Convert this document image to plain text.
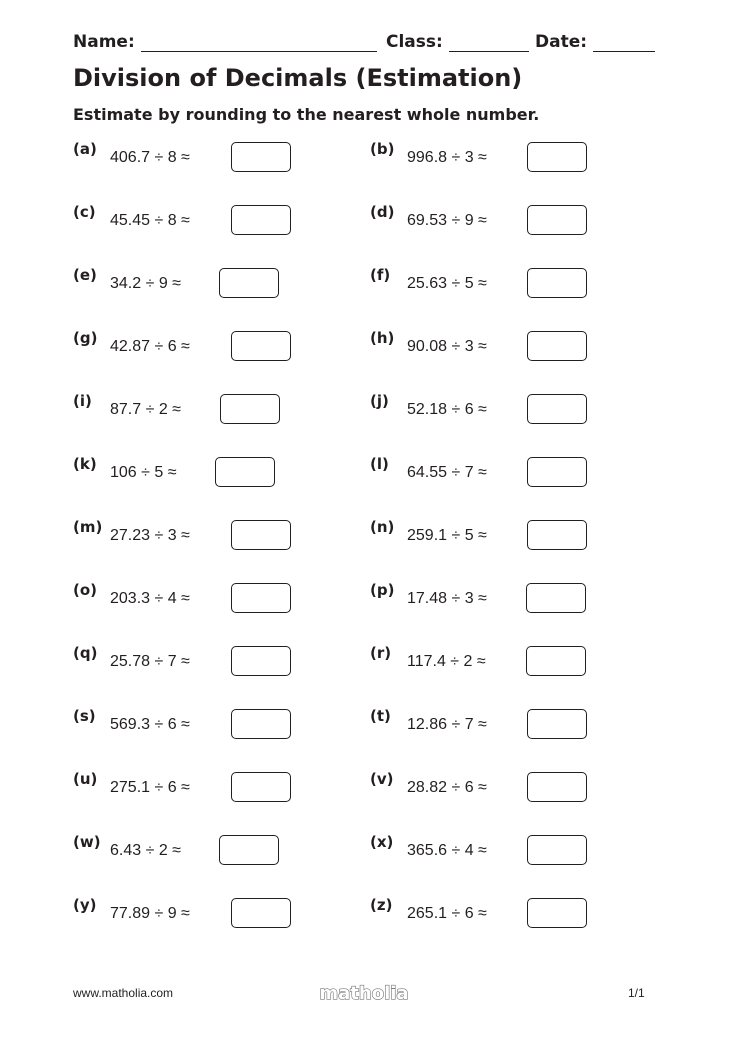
Name:	Class:	Date:
Division of Decimals (Estimation)
Estimate by rounding to the nearest whole number.
(a) 406.7 ÷ 8 ≈	(b) 996.8 ÷ 3 ≈
(c) 45.45 ÷ 8 ≈	(d) 69.53 ÷ 9 ≈
(e) 34.2 ÷ 9 ≈	(f) 25.63 ÷ 5 ≈
(g) 42.87 ÷ 6 ≈	(h) 90.08 ÷ 3 ≈
(i) 87.7 ÷ 2 ≈	(j) 52.18 ÷ 6 ≈
(k) 106 ÷ 5 ≈	(l) 64.55 ÷ 7 ≈
(m) 27.23 ÷ 3 ≈	(n) 259.1 ÷ 5 ≈
(o) 203.3 ÷ 4 ≈	(p) 17.48 ÷ 3 ≈
(q) 25.78 ÷ 7 ≈	(r) 117.4 ÷ 2 ≈
(s) 569.3 ÷ 6 ≈	(t) 12.86 ÷ 7 ≈
(u) 275.1 ÷ 6 ≈	(v) 28.82 ÷ 6 ≈
(w) 6.43 ÷ 2 ≈	(x) 365.6 ÷ 4 ≈
(y) 77.89 ÷ 9 ≈	(z) 265.1 ÷ 6 ≈
www.matholia.com	matholia	1/1
